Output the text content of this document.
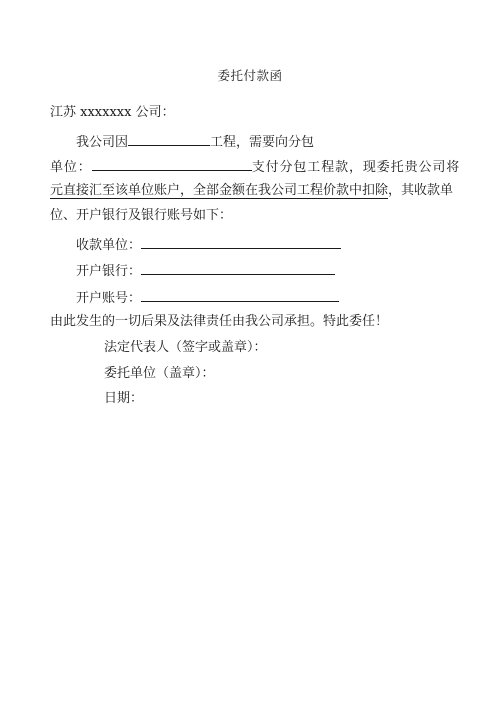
委托付款函
江苏 xxxxxxx 公司：
我公司因	工程，需要向分包
单位：	支付分包工程款，现委托贵公司将
元直接汇至该单位账户，全部金额在我公司工程价款中扣除，其收款单
位、开户银行及银行账号如下：
收款单位：
开户银行：
开户账号：
由此发生的一切后果及法律责任由我公司承担。特此委任！
法定代表人（签字或盖章）：
委托单位（盖章）：
日期：
